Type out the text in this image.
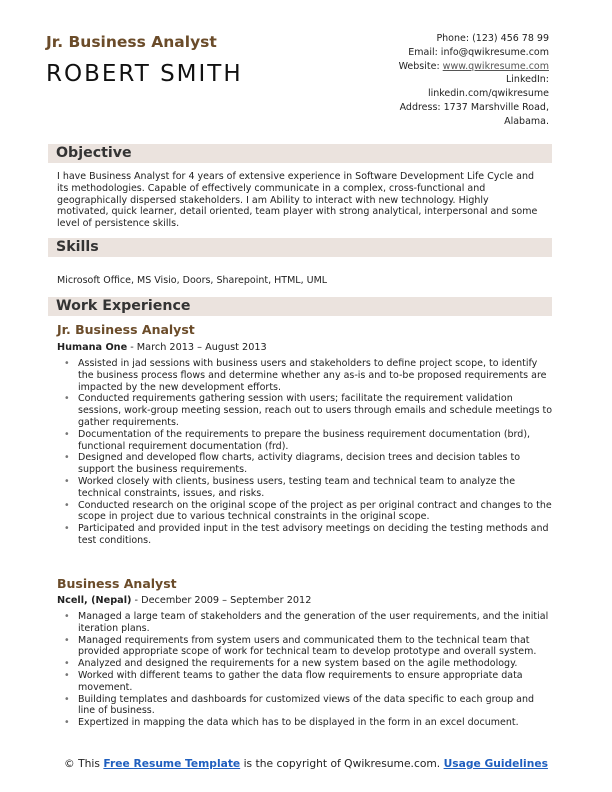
Jr. Business Analyst
ROBERT SMITH
Phone: (123) 456 78 99
Email: info@qwikresume.com
Website: www.qwikresume.com
LinkedIn:
linkedin.com/qwikresume
Address: 1737 Marshville Road,
Alabama.
Objective
I have Business Analyst for 4 years of extensive experience in Software Development Life Cycle and its methodologies. Capable of effectively communicate in a complex, cross-functional and geographically dispersed stakeholders. I am Ability to interact with new technology. Highly motivated, quick learner, detail oriented, team player with strong analytical, interpersonal and some level of persistence skills.
Skills
Microsoft Office, MS Visio, Doors, Sharepoint, HTML, UML
Work Experience
Jr. Business Analyst
Humana One - March 2013 – August 2013
• Assisted in jad sessions with business users and stakeholders to define project scope, to identify the business process flows and determine whether any as-is and to-be proposed requirements are impacted by the new development efforts.
• Conducted requirements gathering session with users; facilitate the requirement validation sessions, work-group meeting session, reach out to users through emails and schedule meetings to gather requirements.
• Documentation of the requirements to prepare the business requirement documentation (brd), functional requirement documentation (frd).
• Designed and developed flow charts, activity diagrams, decision trees and decision tables to support the business requirements.
• Worked closely with clients, business users, testing team and technical team to analyze the technical constraints, issues, and risks.
• Conducted research on the original scope of the project as per original contract and changes to the scope in project due to various technical constraints in the original scope.
• Participated and provided input in the test advisory meetings on deciding the testing methods and test conditions.
Business Analyst
Ncell, (Nepal) - December 2009 – September 2012
• Managed a large team of stakeholders and the generation of the user requirements, and the initial iteration plans.
• Managed requirements from system users and communicated them to the technical team that provided appropriate scope of work for technical team to develop prototype and overall system.
• Analyzed and designed the requirements for a new system based on the agile methodology.
• Worked with different teams to gather the data flow requirements to ensure appropriate data movement.
• Building templates and dashboards for customized views of the data specific to each group and line of business.
• Expertized in mapping the data which has to be displayed in the form in an excel document.
© This Free Resume Template is the copyright of Qwikresume.com. Usage Guidelines
